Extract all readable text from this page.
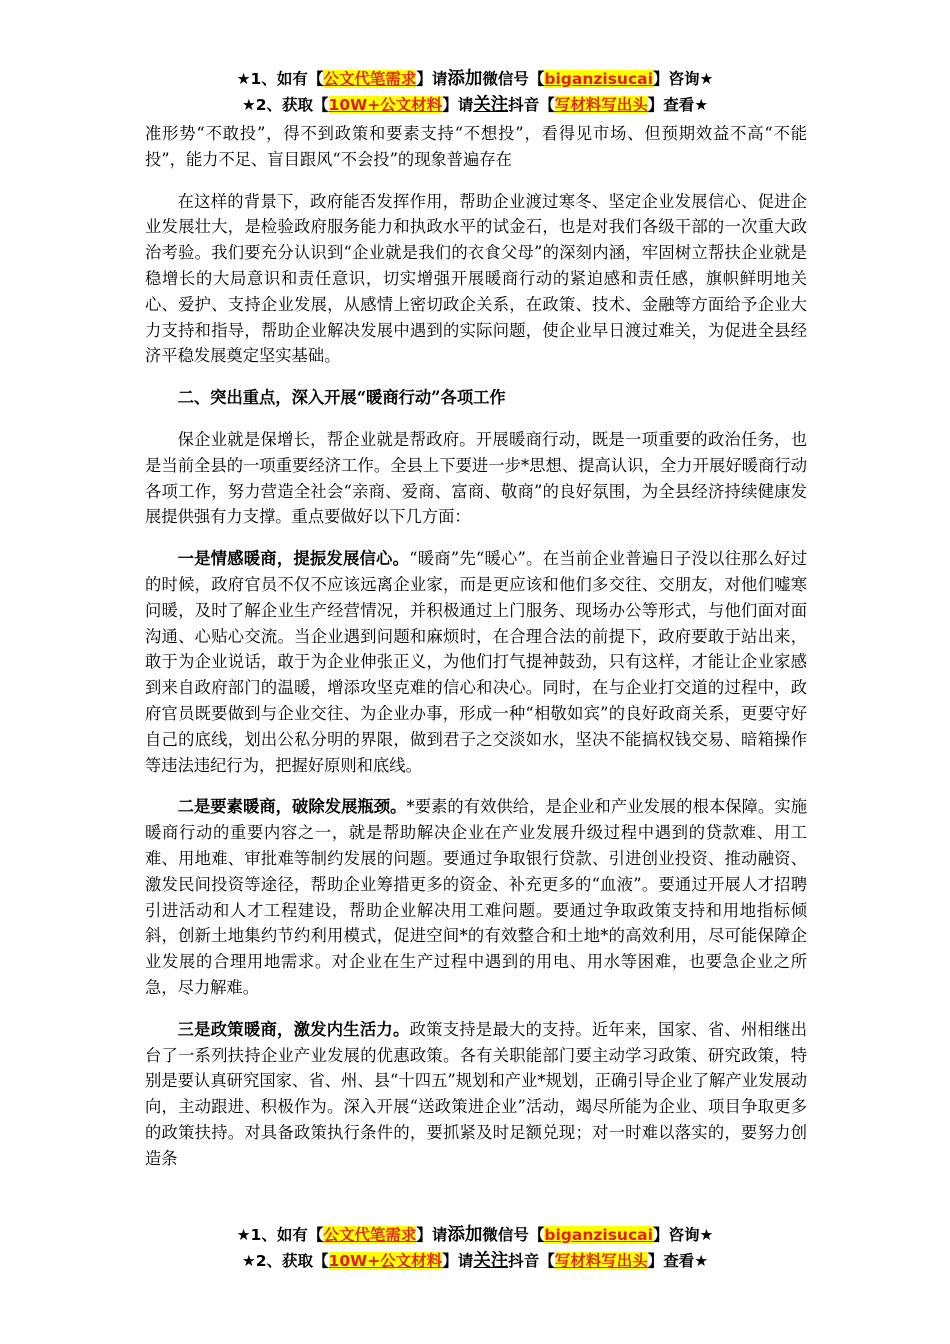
★1、如有【公文代笔需求】请添加微信号【biganzisucai】咨询★
★2、获取【10W+公文材料】请关注抖音【写材料写出头】查看★

准形势“不敢投”，得不到政策和要素支持“不想投”，看得见市场、但预期效益不高“不能投”，能力不足、盲目跟风“不会投”的现象普遍存在

在这样的背景下，政府能否发挥作用，帮助企业渡过寒冬、坚定企业发展信心、促进企业发展壮大，是检验政府服务能力和执政水平的试金石，也是对我们各级干部的一次重大政治考验。我们要充分认识到“企业就是我们的衣食父母”的深刻内涵，牢固树立帮扶企业就是稳增长的大局意识和责任意识，切实增强开展暖商行动的紧迫感和责任感，旗帜鲜明地关心、爱护、支持企业发展，从感情上密切政企关系，在政策、技术、金融等方面给予企业大力支持和指导，帮助企业解决发展中遇到的实际问题，使企业早日渡过难关，为促进全县经济平稳发展奠定坚实基础。

二、突出重点，深入开展“暖商行动”各项工作

保企业就是保增长，帮企业就是帮政府。开展暖商行动，既是一项重要的政治任务，也是当前全县的一项重要经济工作。全县上下要进一步*思想、提高认识，全力开展好暖商行动各项工作，努力营造全社会“亲商、爱商、富商、敬商”的良好氛围，为全县经济持续健康发展提供强有力支撑。重点要做好以下几方面：

一是情感暖商，提振发展信心。“暖商”先“暖心”。在当前企业普遍日子没以往那么好过的时候，政府官员不仅不应该远离企业家，而是更应该和他们多交往、交朋友，对他们嘘寒问暖，及时了解企业生产经营情况，并积极通过上门服务、现场办公等形式，与他们面对面沟通、心贴心交流。当企业遇到问题和麻烦时，在合理合法的前提下，政府要敢于站出来，敢于为企业说话，敢于为企业伸张正义，为他们打气提神鼓劲，只有这样，才能让企业家感到来自政府部门的温暖，增添攻坚克难的信心和决心。同时，在与企业打交道的过程中，政府官员既要做到与企业交往、为企业办事，形成一种“相敬如宾”的良好政商关系，更要守好自己的底线，划出公私分明的界限，做到君子之交淡如水，坚决不能搞权钱交易、暗箱操作等违法违纪行为，把握好原则和底线。

二是要素暖商，破除发展瓶颈。*要素的有效供给，是企业和产业发展的根本保障。实施暖商行动的重要内容之一，就是帮助解决企业在产业发展升级过程中遇到的贷款难、用工难、用地难、审批难等制约发展的问题。要通过争取银行贷款、引进创业投资、推动融资、激发民间投资等途径，帮助企业筹措更多的资金、补充更多的“血液”。要通过开展人才招聘引进活动和人才工程建设，帮助企业解决用工难问题。要通过争取政策支持和用地指标倾斜，创新土地集约节约利用模式，促进空间*的有效整合和土地*的高效利用，尽可能保障企业发展的合理用地需求。对企业在生产过程中遇到的用电、用水等困难，也要急企业之所急，尽力解难。

三是政策暖商，激发内生活力。政策支持是最大的支持。近年来，国家、省、州相继出台了一系列扶持企业产业发展的优惠政策。各有关职能部门要主动学习政策、研究政策，特别是要认真研究国家、省、州、县“十四五”规划和产业*规划，正确引导企业了解产业发展动向，主动跟进、积极作为。深入开展“送政策进企业”活动，竭尽所能为企业、项目争取更多的政策扶持。对具备政策执行条件的，要抓紧及时足额兑现；对一时难以落实的，要努力创造条

★1、如有【公文代笔需求】请添加微信号【biganzisucai】咨询★
★2、获取【10W+公文材料】请关注抖音【写材料写出头】查看★
